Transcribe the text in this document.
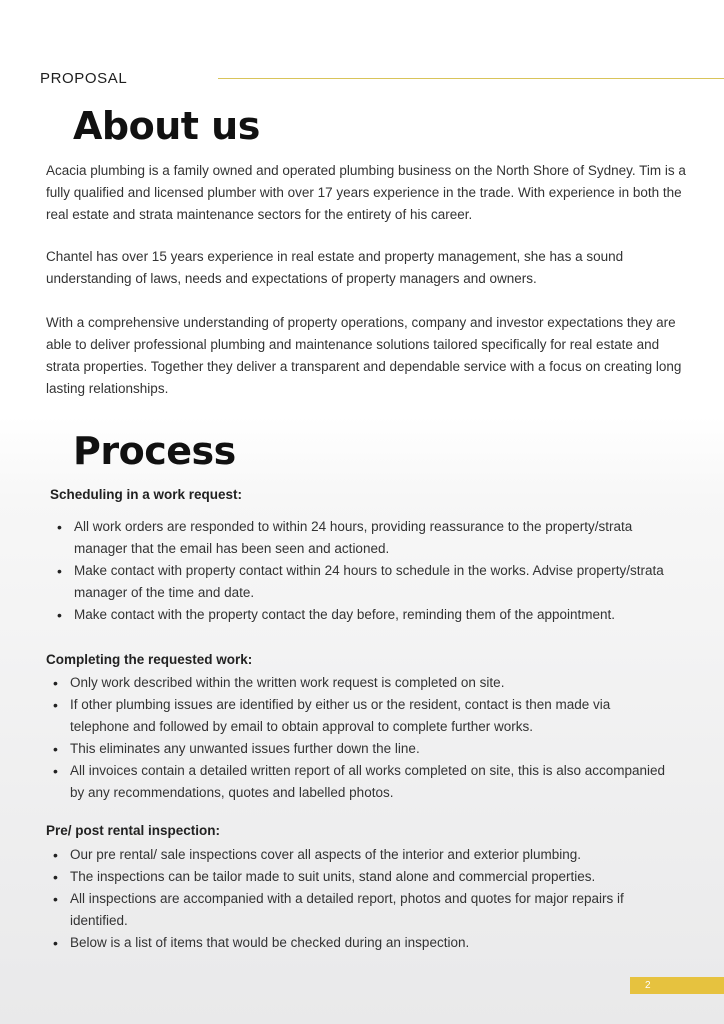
PROPOSAL
About us

Acacia plumbing is a family owned and operated plumbing business on the North Shore of Sydney. Tim is a fully qualified and licensed plumber with over 17 years experience in the trade. With experience in both the real estate and strata maintenance sectors for the entirety of his career.

Chantel has over 15 years experience in real estate and property management, she has a sound understanding of laws, needs and expectations of property managers and owners.

With a comprehensive understanding of property operations, company and investor expectations they are able to deliver professional plumbing and maintenance solutions tailored specifically for real estate and strata properties. Together they deliver a transparent and dependable service with a focus on creating long lasting relationships.

Process

Scheduling in a work request:

• All work orders are responded to within 24 hours, providing reassurance to the property/strata manager that the email has been seen and actioned.
• Make contact with property contact within 24 hours to schedule in the works. Advise property/strata manager of the time and date.
• Make contact with the property contact the day before, reminding them of the appointment.

Completing the requested work:

• Only work described within the written work request is completed on site.
• If other plumbing issues are identified by either us or the resident, contact is then made via telephone and followed by email to obtain approval to complete further works.
• This eliminates any unwanted issues further down the line.
• All invoices contain a detailed written report of all works completed on site, this is also accompanied by any recommendations, quotes and labelled photos.

Pre/ post rental inspection:

• Our pre rental/ sale inspections cover all aspects of the interior and exterior plumbing.
• The inspections can be tailor made to suit units, stand alone and commercial properties.
• All inspections are accompanied with a detailed report, photos and quotes for major repairs if identified.
• Below is a list of items that would be checked during an inspection.
2
